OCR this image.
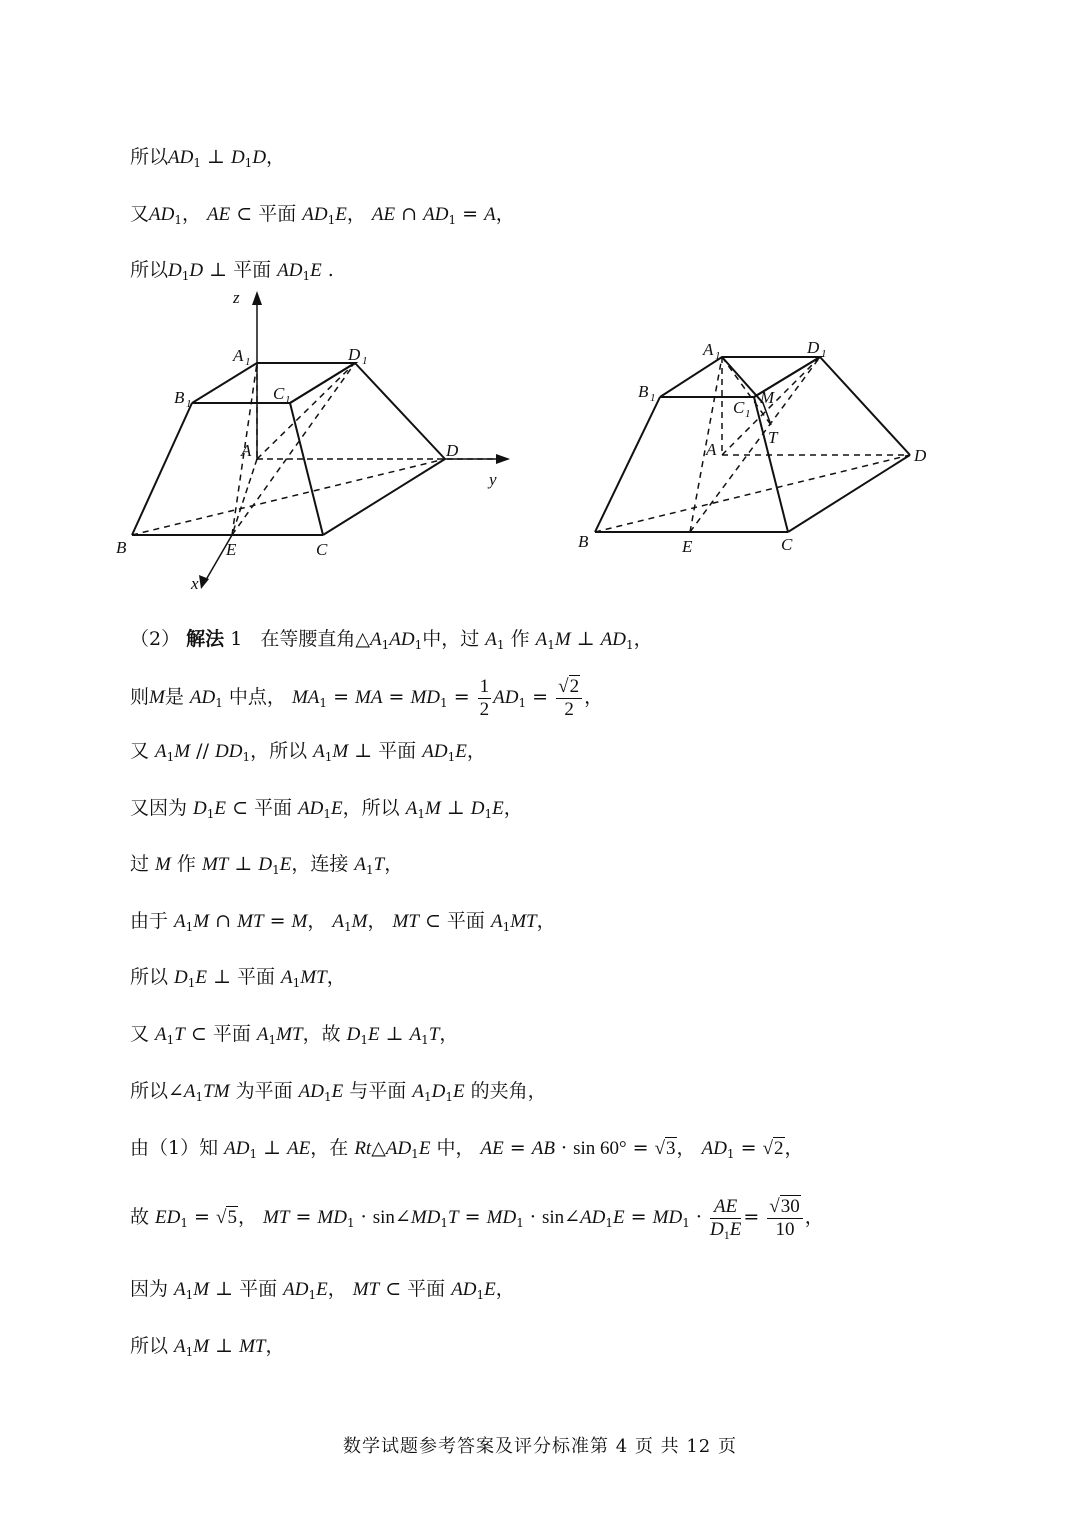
所以$AD_1$ ⊥ $D_1D$，
又$AD_1$， AE ⊂ 平面 $AD_1E$， AE ∩ $AD_1 = A$，
所以$D_1D$ ⊥ 平面 $AD_1E$ .
z
y
x
A 1	D 1
B 1
C 1
A	D
B	E	C
A 1	D 1
B 1	C 1
M
T
A	D
B	E	C
（2） 解法 1   在等腰直角$\triangle A_1AD_1$中，过 $A_1$ 作 $A_1M$ ⊥ $AD_1$，
则M是 $AD_1$ 中点， $MA_1$ = MA = $MD_1 = \frac{1}{2} AD_1 = \frac{√2}{2}$ ，
又 $A_1M // DD_1$，所以 $A_1M$ ⊥ 平面 $AD_1E$，
又因为 $D_1E$ ⊂ 平面 $AD_1E$，所以 $A_1M$ ⊥ $D_1E$，
过 M 作 MT ⊥ $D_1E$，连接 $A_1T$，
由于 $A_1M$ ∩ MT = M， $A_1M$， MT ⊂ 平面 $A_1MT$，
所以 $D_1E$ ⊥ 平面 $A_1MT$，
又 $A_1T$ ⊂ 平面 $A_1MT$，故 $D_1E$ ⊥ $A_1T$，
所以$\angle A_1TM$ 为平面 $AD_1E$ 与平面 $A_1D_1E$ 的夹角，
由（1）知 $AD_1$ ⊥ AE，在 $Rt\triangle AD_1E$ 中， AE = AB · sin 60° = √3， $AD_1 = √2$，
故 $ED_1 = √5$， MT = $MD_1$ · $\sin\angle MD_1T = MD_1$ · $\sin\angle AD_1E = MD_1 \cdot \frac{AE}{D_1E} = \frac{√30}{10}$ ，
因为 $A_1M$ ⊥ 平面 $AD_1E$， MT ⊂ 平面 $AD_1E$，
所以 $A_1M$ ⊥ MT，
数学试题参考答案及评分标准第 4 页 共 12 页
